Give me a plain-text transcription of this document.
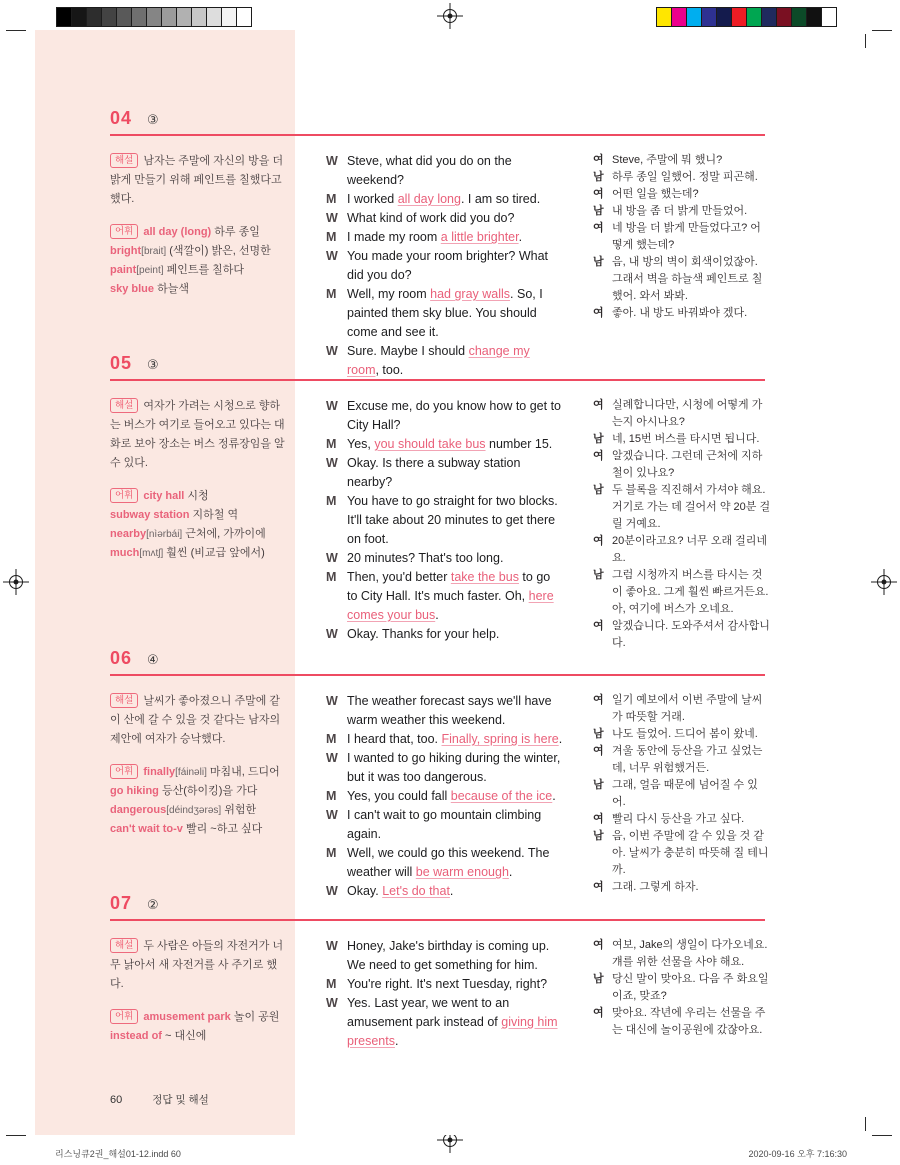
04 ③

해설 남자는 주말에 자신의 방을 더 밝게 만들기 위해 페인트를 칠했다고 했다.

어휘 all day (long) 하루 종일

bright[brait] (색깔이) 밝은, 선명한

paint[peint] 페인트를 칠하다

sky blue 하늘색

W Steve, what did you do on the weekend?
M I worked all day long. I am so tired.
W What kind of work did you do?
M I made my room a little brighter.
W You made your room brighter? What did you do?
M Well, my room had gray walls. So, I painted them sky blue. You should come and see it.
W Sure. Maybe I should change my room, too.
여 Steve, 주말에 뭐 했니?
남 하루 종일 일했어. 정말 피곤해.
여 어떤 일을 했는데?
남 내 방을 좀 더 밝게 만들었어.
여 네 방을 더 밝게 만들었다고? 어떻게 했는데?
남 음, 내 방의 벽이 회색이었잖아. 그래서 벽을 하늘색 페인트로 칠했어. 와서 봐봐.
여 좋아. 내 방도 바꿔봐야 겠다.
05 ③

해설 여자가 가려는 시청으로 향하는 버스가 여기로 들어오고 있다는 대화로 보아 장소는 버스 정류장임을 알 수 있다.

어휘 city hall 시청

subway station 지하철 역

nearby[nìərbái] 근처에, 가까이에

much[mʌtʃ] 훨씬 (비교급 앞에서)

W Excuse me, do you know how to get to City Hall?
M Yes, you should take bus number 15.
W Okay. Is there a subway station nearby?
M You have to go straight for two blocks. It'll take about 20 minutes to get there on foot.
W 20 minutes? That's too long.
M Then, you'd better take the bus to go to City Hall. It's much faster. Oh, here comes your bus.
W Okay. Thanks for your help.
여 실례합니다만, 시청에 어떻게 가는지 아시나요?
남 네, 15번 버스를 타시면 됩니다.
여 알겠습니다. 그런데 근처에 지하철이 있나요?
남 두 블록을 직진해서 가셔야 해요. 거기로 가는 데 걸어서 약 20분 걸릴 거예요.
여 20분이라고요? 너무 오래 걸리네요.
남 그럼 시청까지 버스를 타시는 것이 좋아요. 그게 훨씬 빠르거든요. 아, 여기에 버스가 오네요.
여 알겠습니다. 도와주셔서 감사합니다.
06 ④

해설 날씨가 좋아졌으니 주말에 같이 산에 갈 수 있을 것 같다는 남자의 제안에 여자가 승낙했다.

어휘 finally[fáinəli] 마침내, 드디어

go hiking 등산(하이킹)을 가다

dangerous[déindʒərəs] 위험한

can't wait to-v 빨리 ~하고 싶다

W The weather forecast says we'll have warm weather this weekend.
M I heard that, too. Finally, spring is here.
W I wanted to go hiking during the winter, but it was too dangerous.
M Yes, you could fall because of the ice.
W I can't wait to go mountain climbing again.
M Well, we could go this weekend. The weather will be warm enough.
W Okay. Let's do that.
여 일기 예보에서 이번 주말에 날씨가 따뜻할 거래.
남 나도 들었어. 드디어 봄이 왔네.
여 겨울 동안에 등산을 가고 싶었는데, 너무 위험했거든.
남 그래, 얼음 때문에 넘어질 수 있어.
여 빨리 다시 등산을 가고 싶다.
남 음, 이번 주말에 갈 수 있을 것 같아. 날씨가 충분히 따뜻해 질 테니까.
여 그래. 그렇게 하자.
07 ②

해설 두 사람은 아들의 자전거가 너무 낡아서 새 자전거를 사 주기로 했다.

어휘 amusement park 놀이 공원

instead of ~ 대신에

W Honey, Jake's birthday is coming up. We need to get something for him.
M You're right. It's next Tuesday, right?
W Yes. Last year, we went to an amusement park instead of giving him presents.
여 여보, Jake의 생일이 다가오네요. 걔를 위한 선물을 사야 해요.
남 당신 말이 맞아요. 다음 주 화요일이죠, 맞죠?
여 맞아요. 작년에 우리는 선물을 주는 대신에 놀이공원에 갔잖아요.
60	정답 및 해설
리스닝큐2권_해설01-12.indd 60	2020-09-16 오후 7:16:30
